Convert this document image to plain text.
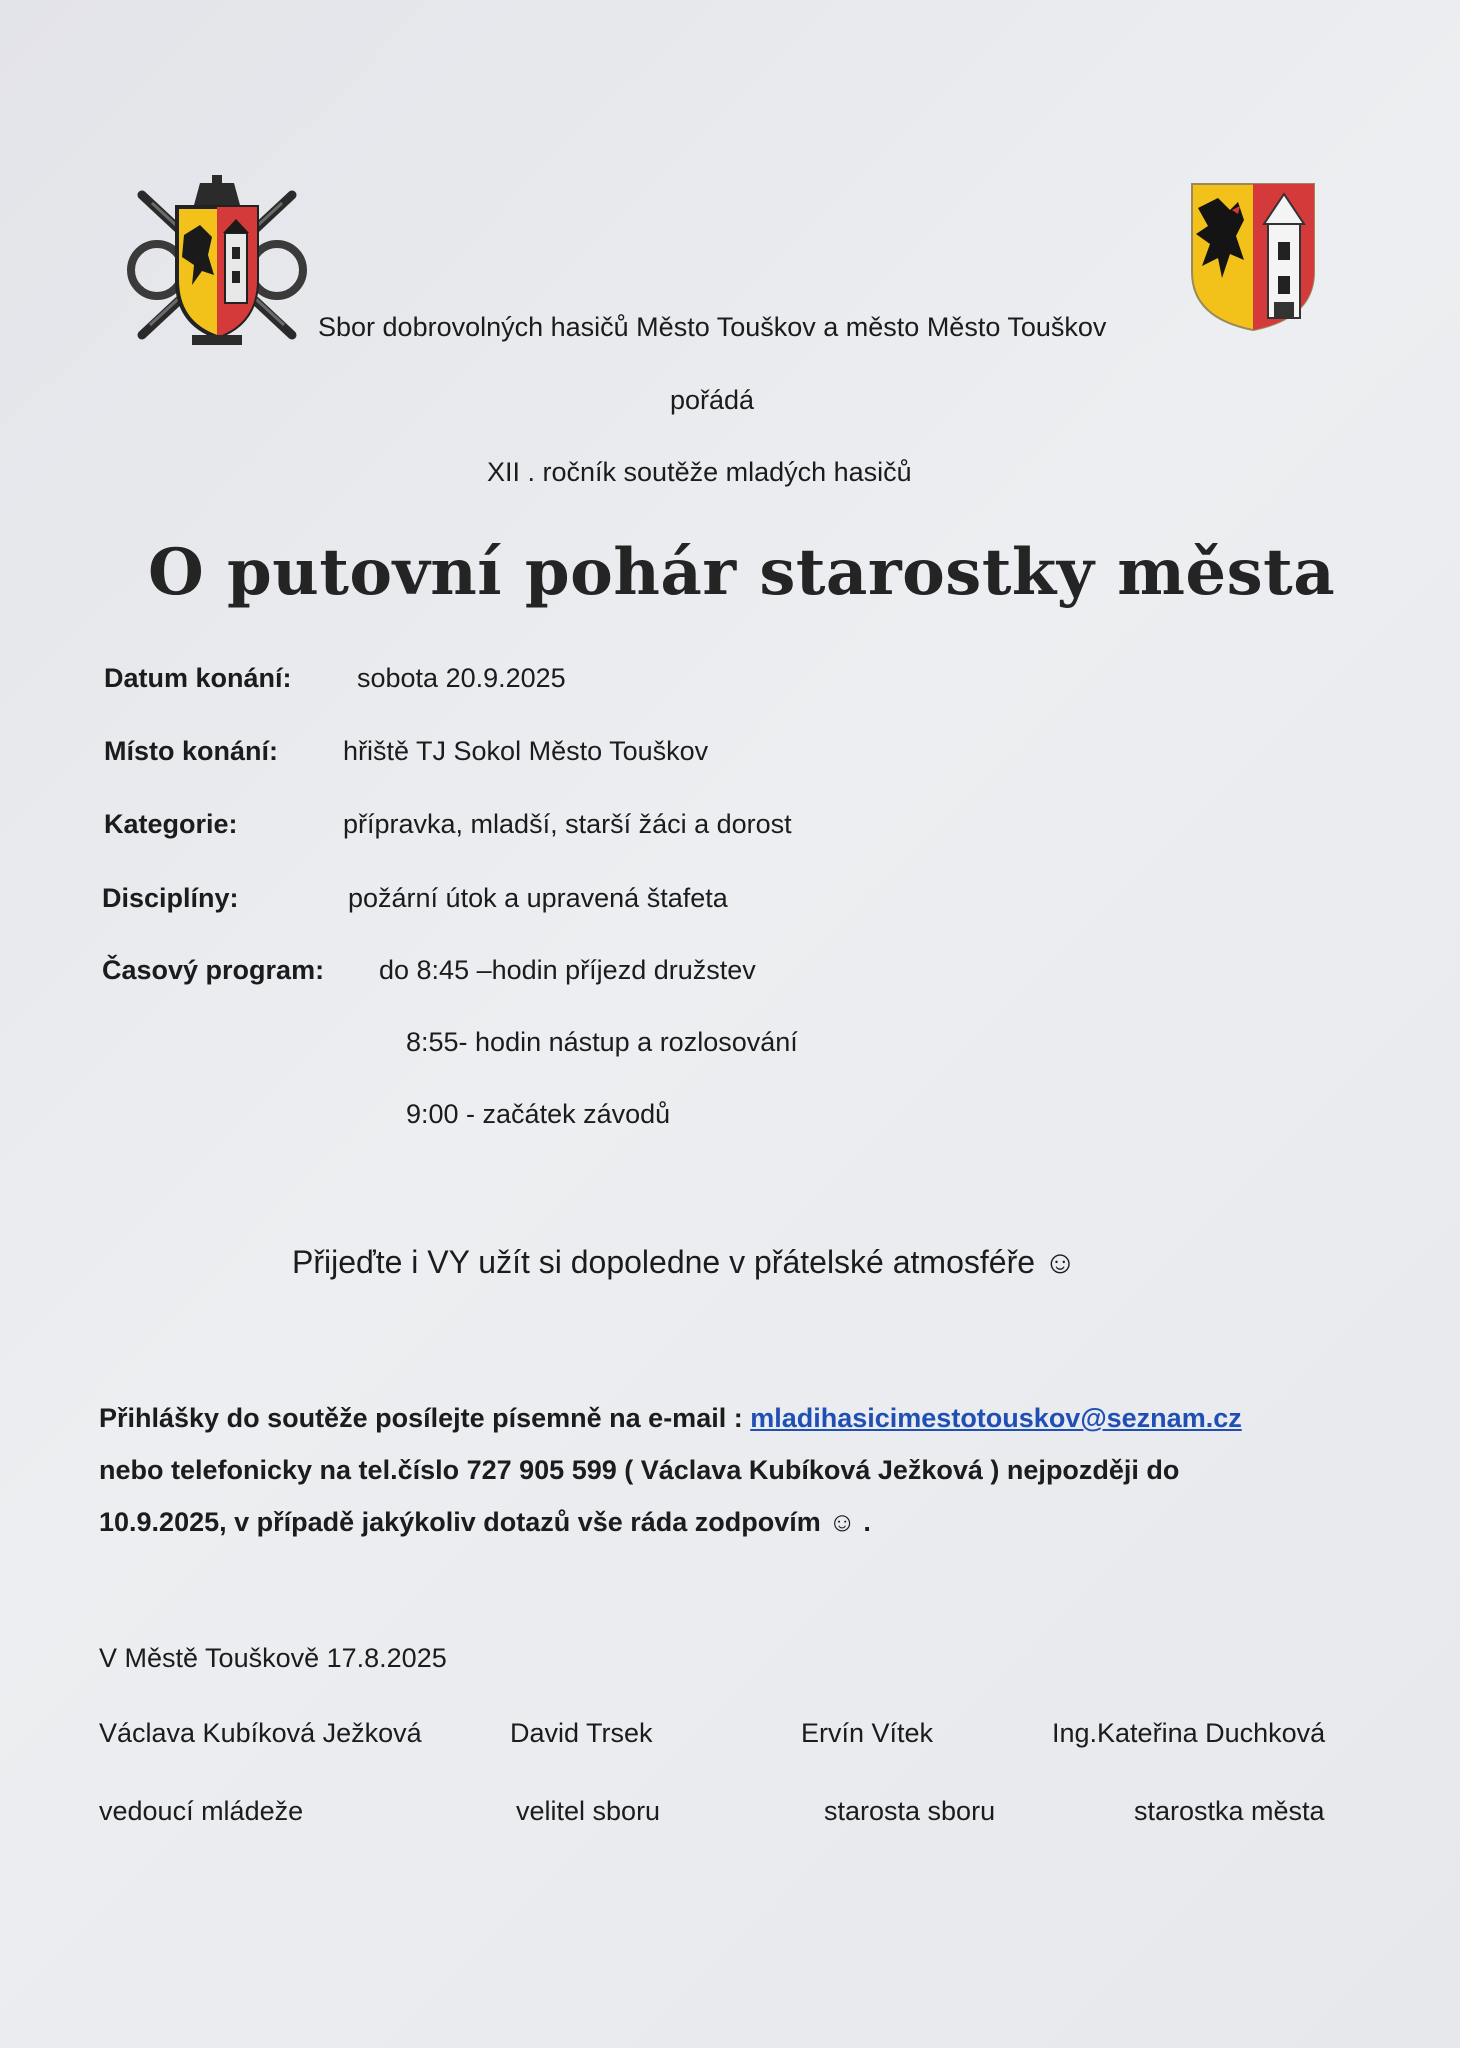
Sbor dobrovolných hasičů Město Touškov a město Město Touškov
pořádá
XII . ročník soutěže mladých hasičů
O putovní pohár starostky města
Datum konání: sobota 20.9.2025
Místo konání: hřiště TJ Sokol Město Touškov
Kategorie:	přípravka, mladší, starší žáci a dorost
Disciplíny:	požární útok a upravená štafeta
Časový program: do 8:45 –hodin příjezd družstev
8:55- hodin nástup a rozlosování
9:00 - začátek závodů
Přijeďte i VY užít si dopoledne v přátelské atmosféře ☺
Přihlášky do soutěže posílejte písemně na e-mail : mladihasicimestotouskov@seznam.cz
nebo telefonicky na tel.číslo 727 905 599 ( Václava Kubíková Ježková ) nejpozději do
10.9.2025, v případě jakýkoliv dotazů vše ráda zodpovím ☺ .
V Městě Touškově 17.8.2025
Václava Kubíková Ježková	David Trsek	Ervín Vítek	Ing.Kateřina Duchková
vedoucí mládeže	velitel sboru	starosta sboru	starostka města
